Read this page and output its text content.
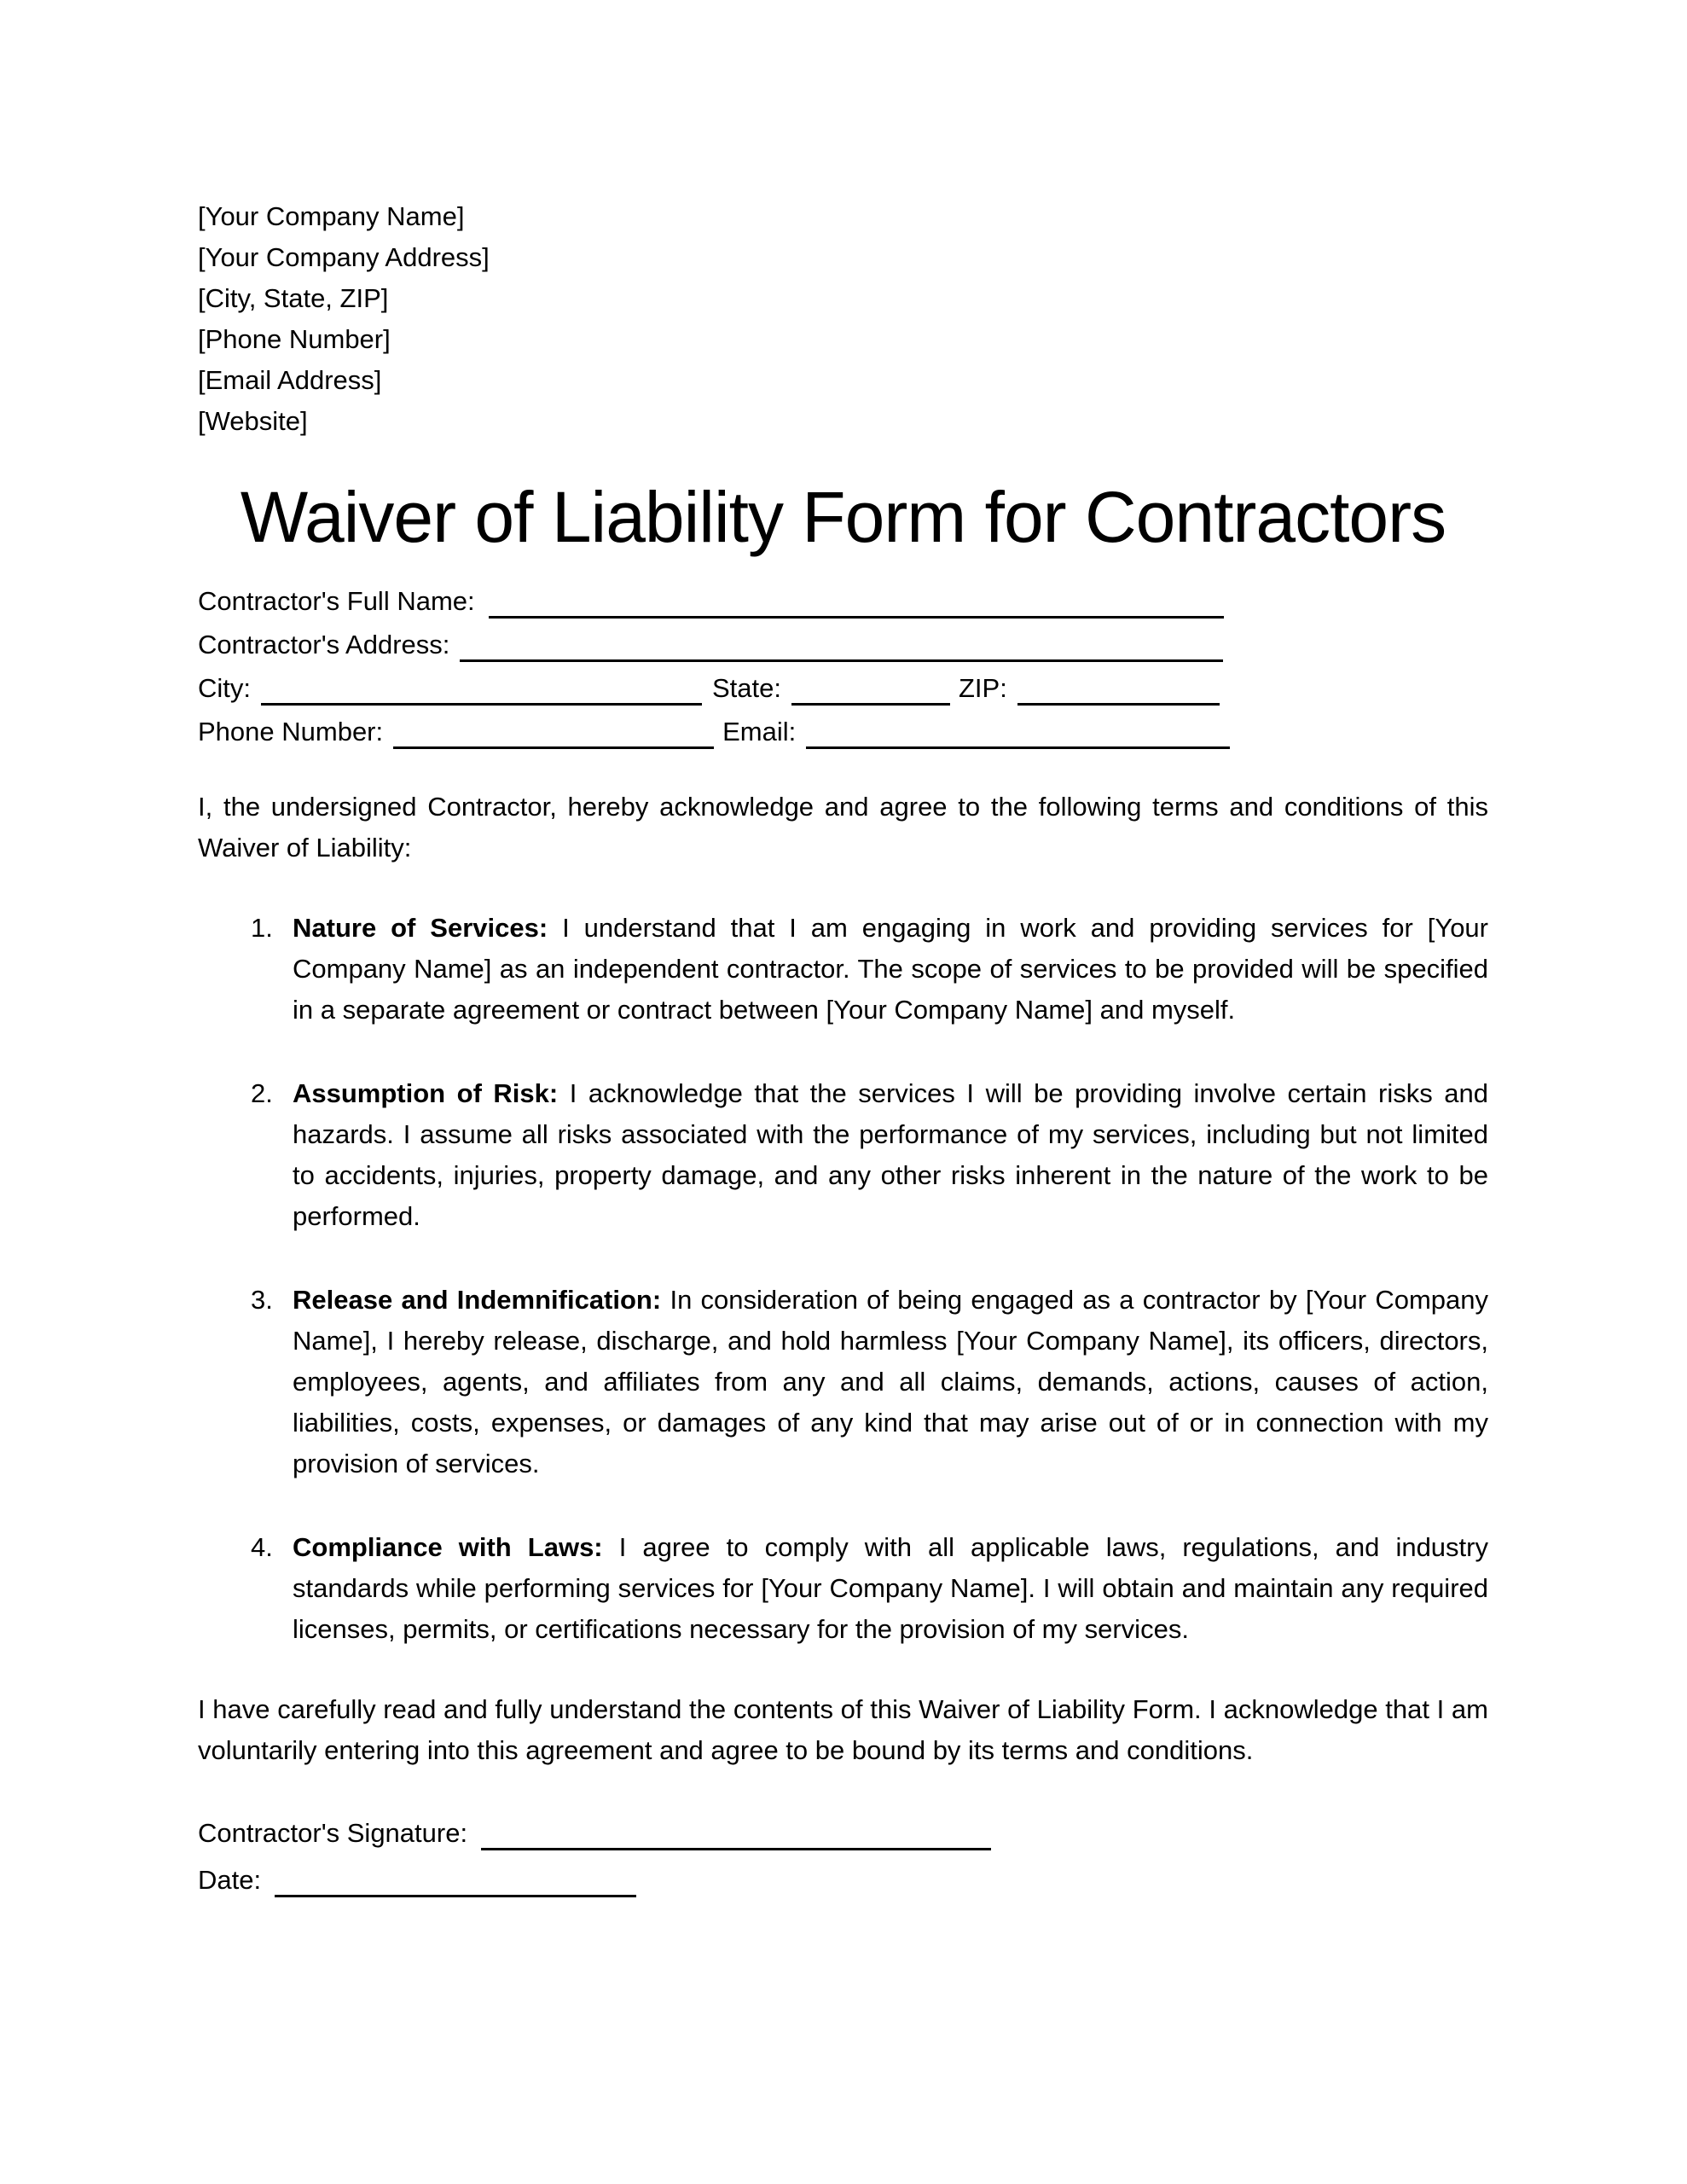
[Your Company Name]
[Your Company Address]
[City, State, ZIP]
[Phone Number]
[Email Address]
[Website]
Waiver of Liability Form for Contractors
Contractor's Full Name:
Contractor's Address:
City:	State:	ZIP:
Phone Number:	Email:
I, the undersigned Contractor, hereby acknowledge and agree to the following terms and conditions of this Waiver of Liability:
1. Nature of Services: I understand that I am engaging in work and providing services for [Your Company Name] as an independent contractor. The scope of services to be provided will be specified in a separate agreement or contract between [Your Company Name] and myself.
2. Assumption of Risk: I acknowledge that the services I will be providing involve certain risks and hazards. I assume all risks associated with the performance of my services, including but not limited to accidents, injuries, property damage, and any other risks inherent in the nature of the work to be performed.
3. Release and Indemnification: In consideration of being engaged as a contractor by [Your Company Name], I hereby release, discharge, and hold harmless [Your Company Name], its officers, directors, employees, agents, and affiliates from any and all claims, demands, actions, causes of action, liabilities, costs, expenses, or damages of any kind that may arise out of or in connection with my provision of services.
4. Compliance with Laws: I agree to comply with all applicable laws, regulations, and industry standards while performing services for [Your Company Name]. I will obtain and maintain any required licenses, permits, or certifications necessary for the provision of my services.
I have carefully read and fully understand the contents of this Waiver of Liability Form. I acknowledge that I am voluntarily entering into this agreement and agree to be bound by its terms and conditions.
Contractor's Signature:
Date:
